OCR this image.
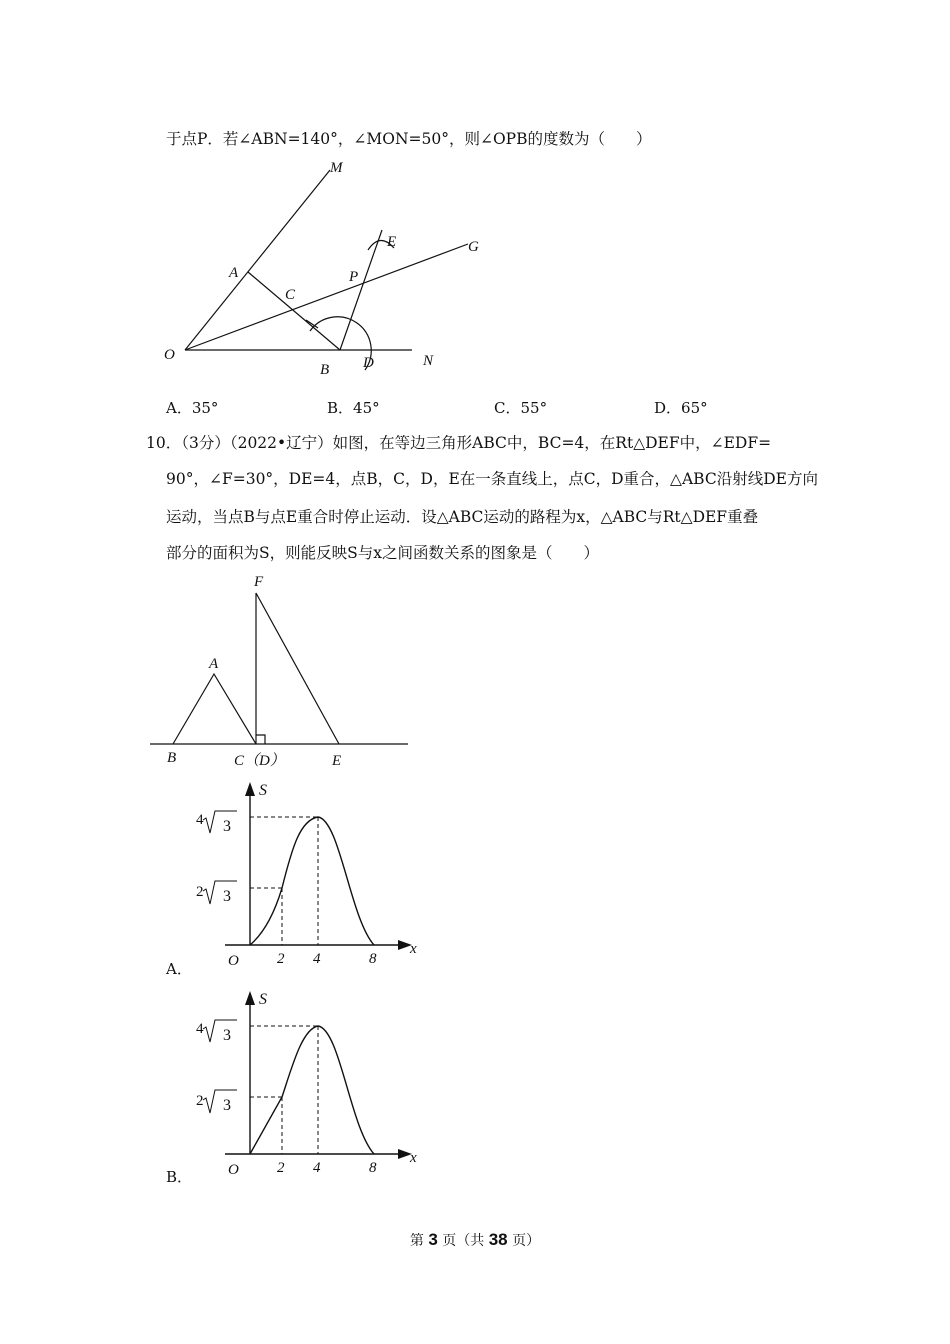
于点P．若∠ABN=140°，∠MON=50°，则∠OPB的度数为（　　）
M
E	G
A
C
P
O
B D	N
A．35°	B．45°	C．55°	D．65°
10．（3分）（2022•辽宁）如图，在等边三角形ABC中，BC=4，在Rt△DEF中，∠EDF=
90°，∠F=30°，DE=4，点B，C，D，E在一条直线上，点C，D重合，△ABC沿射线DE方向
运动，当点B与点E重合时停止运动．设△ABC运动的路程为x，△ABC与Rt△DEF重叠
部分的面积为S，则能反映S与x之间函数关系的图象是（　　）
F
A
B	C（D）	E
4 3
2 3
S
x
O	2 4	8
A．
4 3
2 3
S
x
O	2 4	8
B．
第 3 页（共 38 页）
